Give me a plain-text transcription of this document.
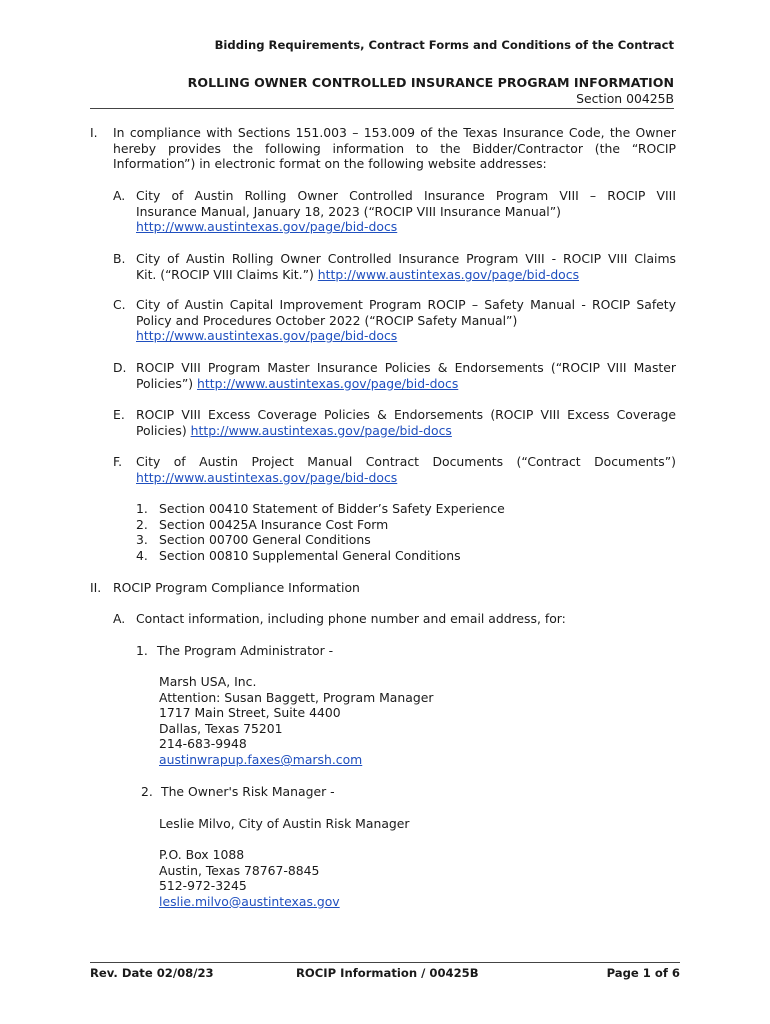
Bidding Requirements, Contract Forms and Conditions of the Contract
ROLLING OWNER CONTROLLED INSURANCE PROGRAM INFORMATION
Section 00425B
I. In compliance with Sections 151.003 – 153.009 of the Texas Insurance Code, the Owner
hereby provides the following information to the Bidder/Contractor (the “ROCIP
Information”) in electronic format on the following website addresses:
A. City of Austin Rolling Owner Controlled Insurance Program VIII – ROCIP VIII
Insurance Manual, January 18, 2023 (“ROCIP VIII Insurance Manual”)
http://www.austintexas.gov/page/bid-docs
B. City of Austin Rolling Owner Controlled Insurance Program VIII - ROCIP VIII Claims
Kit. (“ROCIP VIII Claims Kit.”) http://www.austintexas.gov/page/bid-docs
C. City of Austin Capital Improvement Program ROCIP – Safety Manual - ROCIP Safety
Policy and Procedures October 2022 (“ROCIP Safety Manual”)
http://www.austintexas.gov/page/bid-docs
D. ROCIP VIII Program Master Insurance Policies & Endorsements (“ROCIP VIII Master
Policies”) http://www.austintexas.gov/page/bid-docs
E. ROCIP VIII Excess Coverage Policies & Endorsements (ROCIP VIII Excess Coverage
Policies) http://www.austintexas.gov/page/bid-docs
F. City of Austin Project Manual Contract Documents (“Contract Documents”)
http://www.austintexas.gov/page/bid-docs
1. Section 00410 Statement of Bidder’s Safety Experience
2. Section 00425A Insurance Cost Form
3. Section 00700 General Conditions
4. Section 00810 Supplemental General Conditions
II. ROCIP Program Compliance Information
A. Contact information, including phone number and email address, for:
1. The Program Administrator -
Marsh USA, Inc.
Attention: Susan Baggett, Program Manager
1717 Main Street, Suite 4400
Dallas, Texas 75201
214-683-9948
austinwrapup.faxes@marsh.com
2. The Owner's Risk Manager -
Leslie Milvo, City of Austin Risk Manager
P.O. Box 1088
Austin, Texas 78767-8845
512-972-3245
leslie.milvo@austintexas.gov
Rev. Date 02/08/23	ROCIP Information / 00425B	Page 1 of 6
